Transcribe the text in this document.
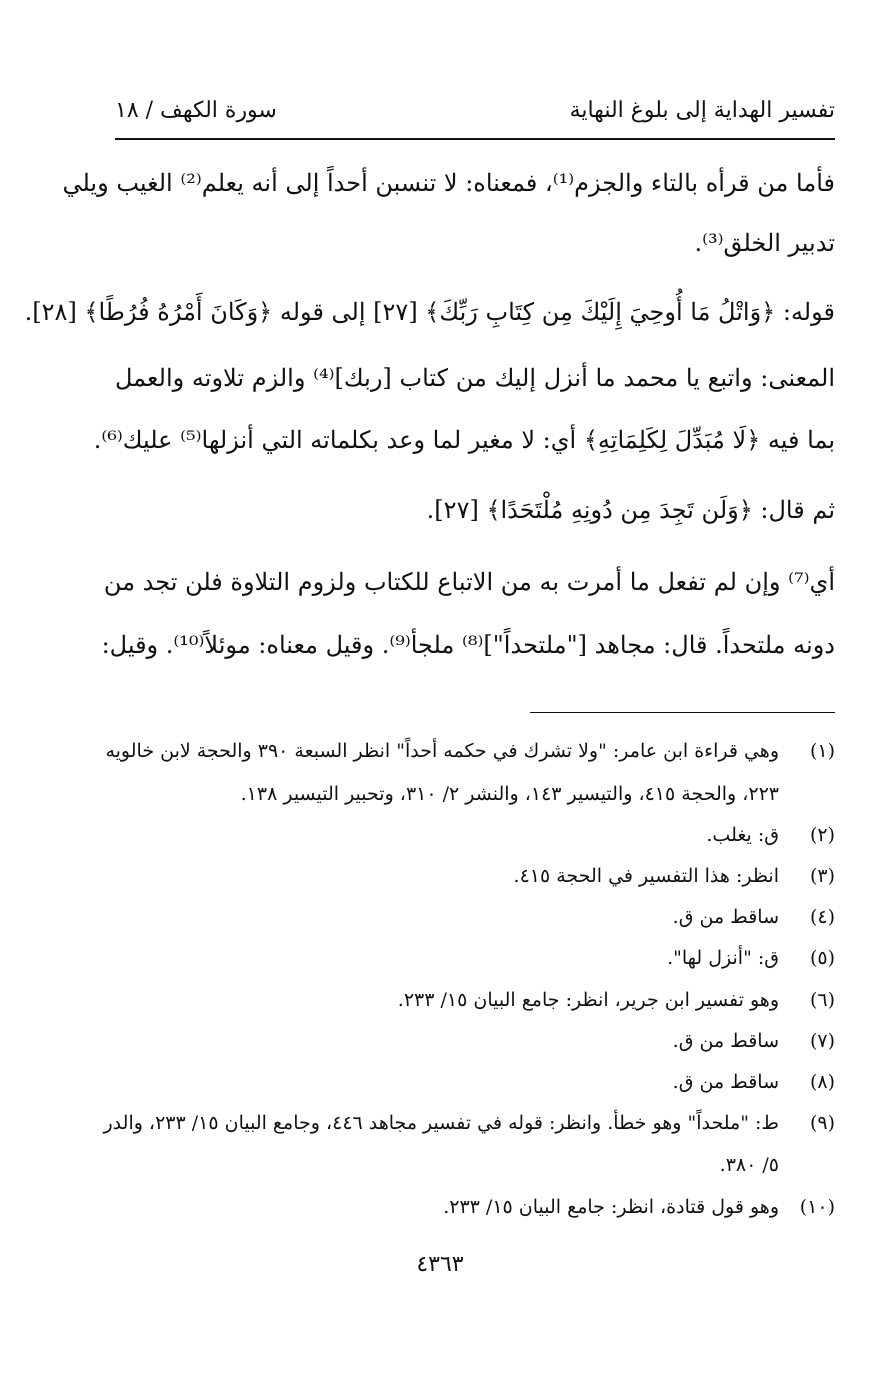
تفسير الهداية إلى بلوغ النهاية
سورة الكهف / ١٨
فأما من قرأه بالتاء والجزم⁽¹⁾، فمعناه: لا تنسبن أحداً إلى أنه يعلم⁽²⁾ الغيب ويلي
تدبير الخلق⁽³⁾.
قوله: ﴿وَاتْلُ مَا أُوحِيَ إِلَيْكَ مِن كِتَابِ رَبِّكَ﴾ [٢٧] إلى قوله ﴿وَكَانَ أَمْرُهُ فُرُطًا﴾ [٢٨].
المعنى: واتبع يا محمد ما أنزل إليك من كتاب [ربك]⁽⁴⁾ والزم تلاوته والعمل
بما فيه ﴿لَا مُبَدِّلَ لِكَلِمَاتِهِ﴾ أي: لا مغير لما وعد بكلماته التي أنزلها⁽⁵⁾ عليك⁽⁶⁾.
ثم قال: ﴿وَلَن تَجِدَ مِن دُونِهِ مُلْتَحَدًا﴾ [٢٧].
أي⁽⁷⁾ وإن لم تفعل ما أمرت به من الاتباع للكتاب ولزوم التلاوة فلن تجد من
دونه ملتحداً. قال: مجاهد ["ملتحداً"]⁽⁸⁾ ملجأ⁽⁹⁾. وقيل معناه: موئلاً⁽¹⁰⁾. وقيل:
(١)
وهي قراءة ابن عامر: "ولا تشرك في حكمه أحداً" انظر السبعة ٣٩٠ والحجة لابن خالويه
٢٢٣، والحجة ٤١٥، والتيسير ١٤٣، والنشر ٢/ ٣١٠، وتحبير التيسير ١٣٨.
(٢)
ق: يغلب.
(٣)
انظر: هذا التفسير في الحجة ٤١٥.
(٤)
ساقط من ق.
(٥)
ق: "أنزل لها".
(٦)
وهو تفسير ابن جرير، انظر: جامع البيان ١٥/ ٢٣٣.
(٧)
ساقط من ق.
(٨)
ساقط من ق.
(٩)
ط: "ملحداً" وهو خطأ. وانظر: قوله في تفسير مجاهد ٤٤٦، وجامع البيان ١٥/ ٢٣٣، والدر
٥/ ٣٨٠.
(١٠)
وهو قول قتادة، انظر: جامع البيان ١٥/ ٢٣٣.
٤٣٦٣
